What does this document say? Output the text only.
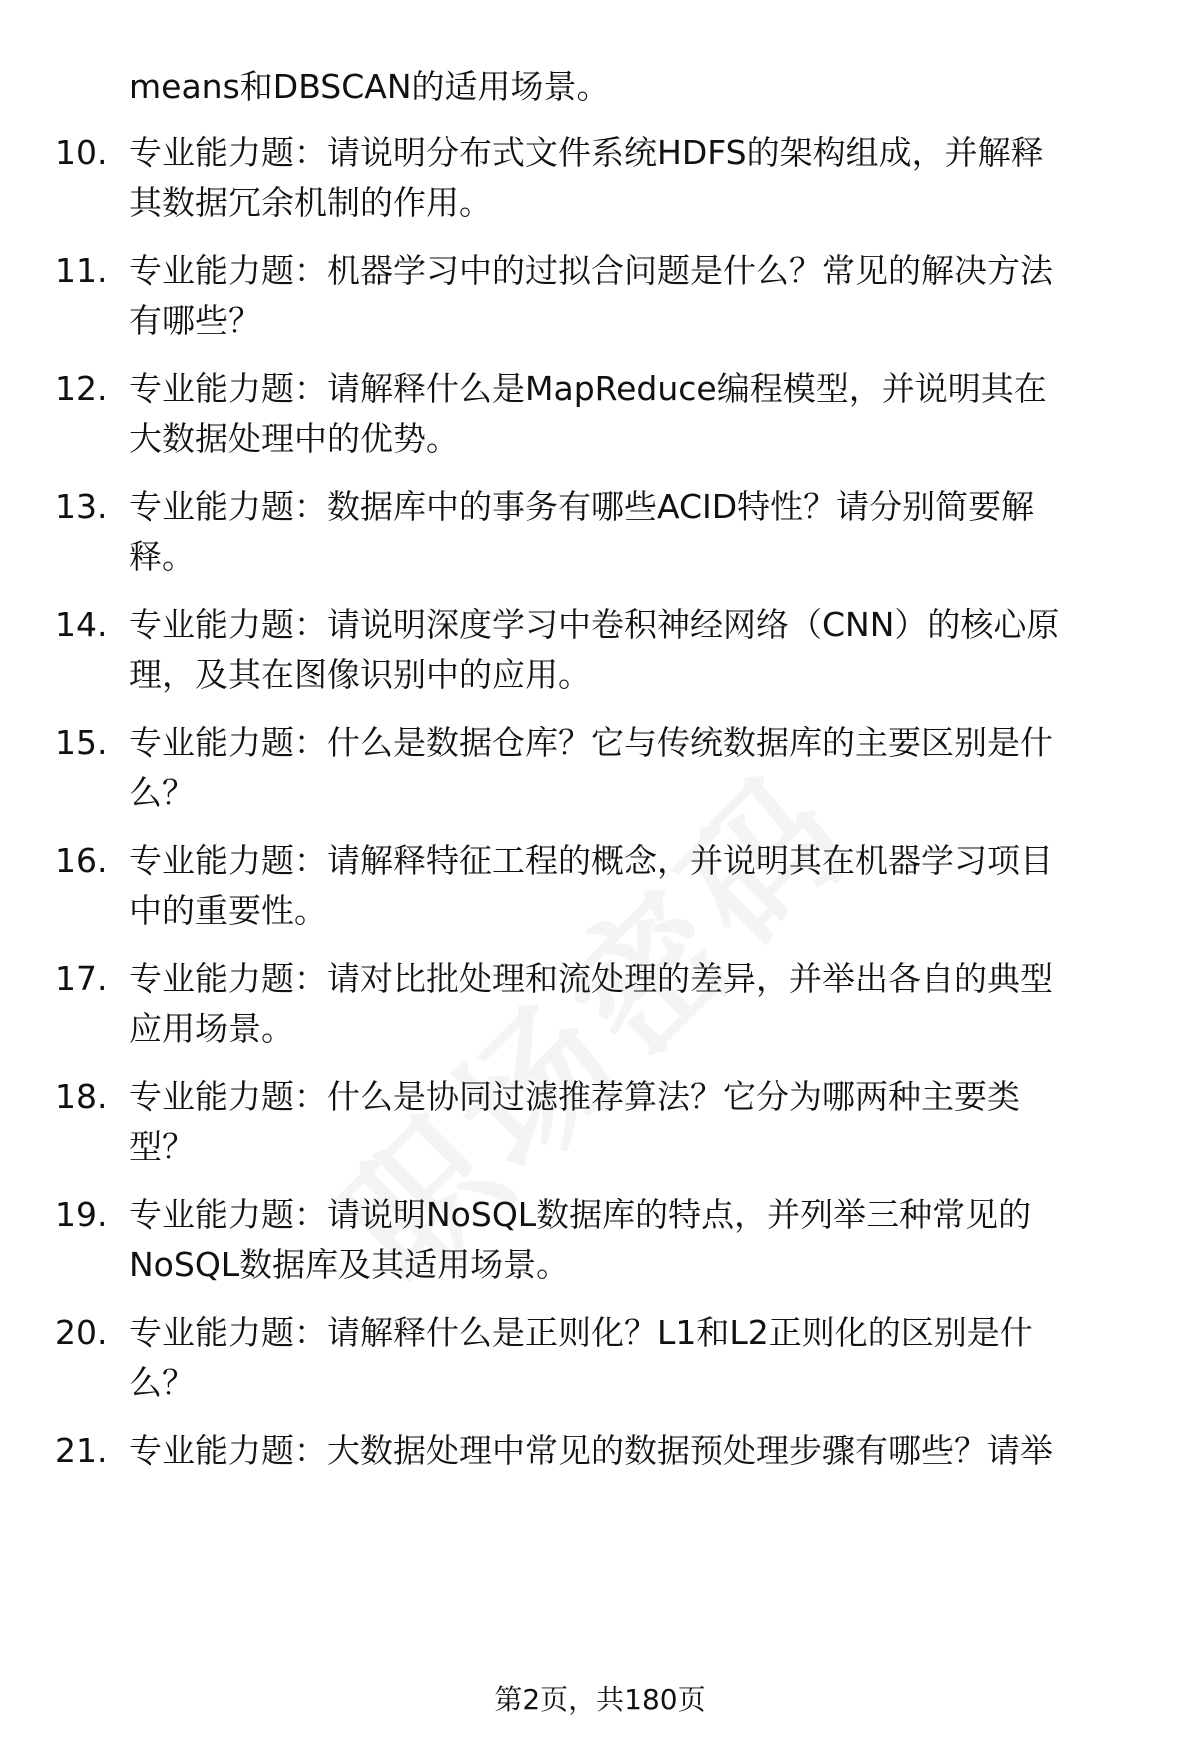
means和DBSCAN的适用场景。
10. 专业能力题：请说明分布式文件系统HDFS的架构组成，并解释
其数据冗余机制的作用。
11. 专业能力题：机器学习中的过拟合问题是什么？常见的解决方法
有哪些？
12. 专业能力题：请解释什么是MapReduce编程模型，并说明其在
大数据处理中的优势。
13. 专业能力题：数据库中的事务有哪些ACID特性？请分别简要解
释。
14. 专业能力题：请说明深度学习中卷积神经网络（CNN）的核心原
理，及其在图像识别中的应用。
15. 专业能力题：什么是数据仓库？它与传统数据库的主要区别是什
么？
16. 专业能力题：请解释特征工程的概念，并说明其在机器学习项目
中的重要性。
17. 专业能力题：请对比批处理和流处理的差异，并举出各自的典型
应用场景。
18. 专业能力题：什么是协同过滤推荐算法？它分为哪两种主要类
型？
19. 专业能力题：请说明NoSQL数据库的特点，并列举三种常见的
NoSQL数据库及其适用场景。
20. 专业能力题：请解释什么是正则化？L1和L2正则化的区别是什
么？
21. 专业能力题：大数据处理中常见的数据预处理步骤有哪些？请举
第2页，共180页
